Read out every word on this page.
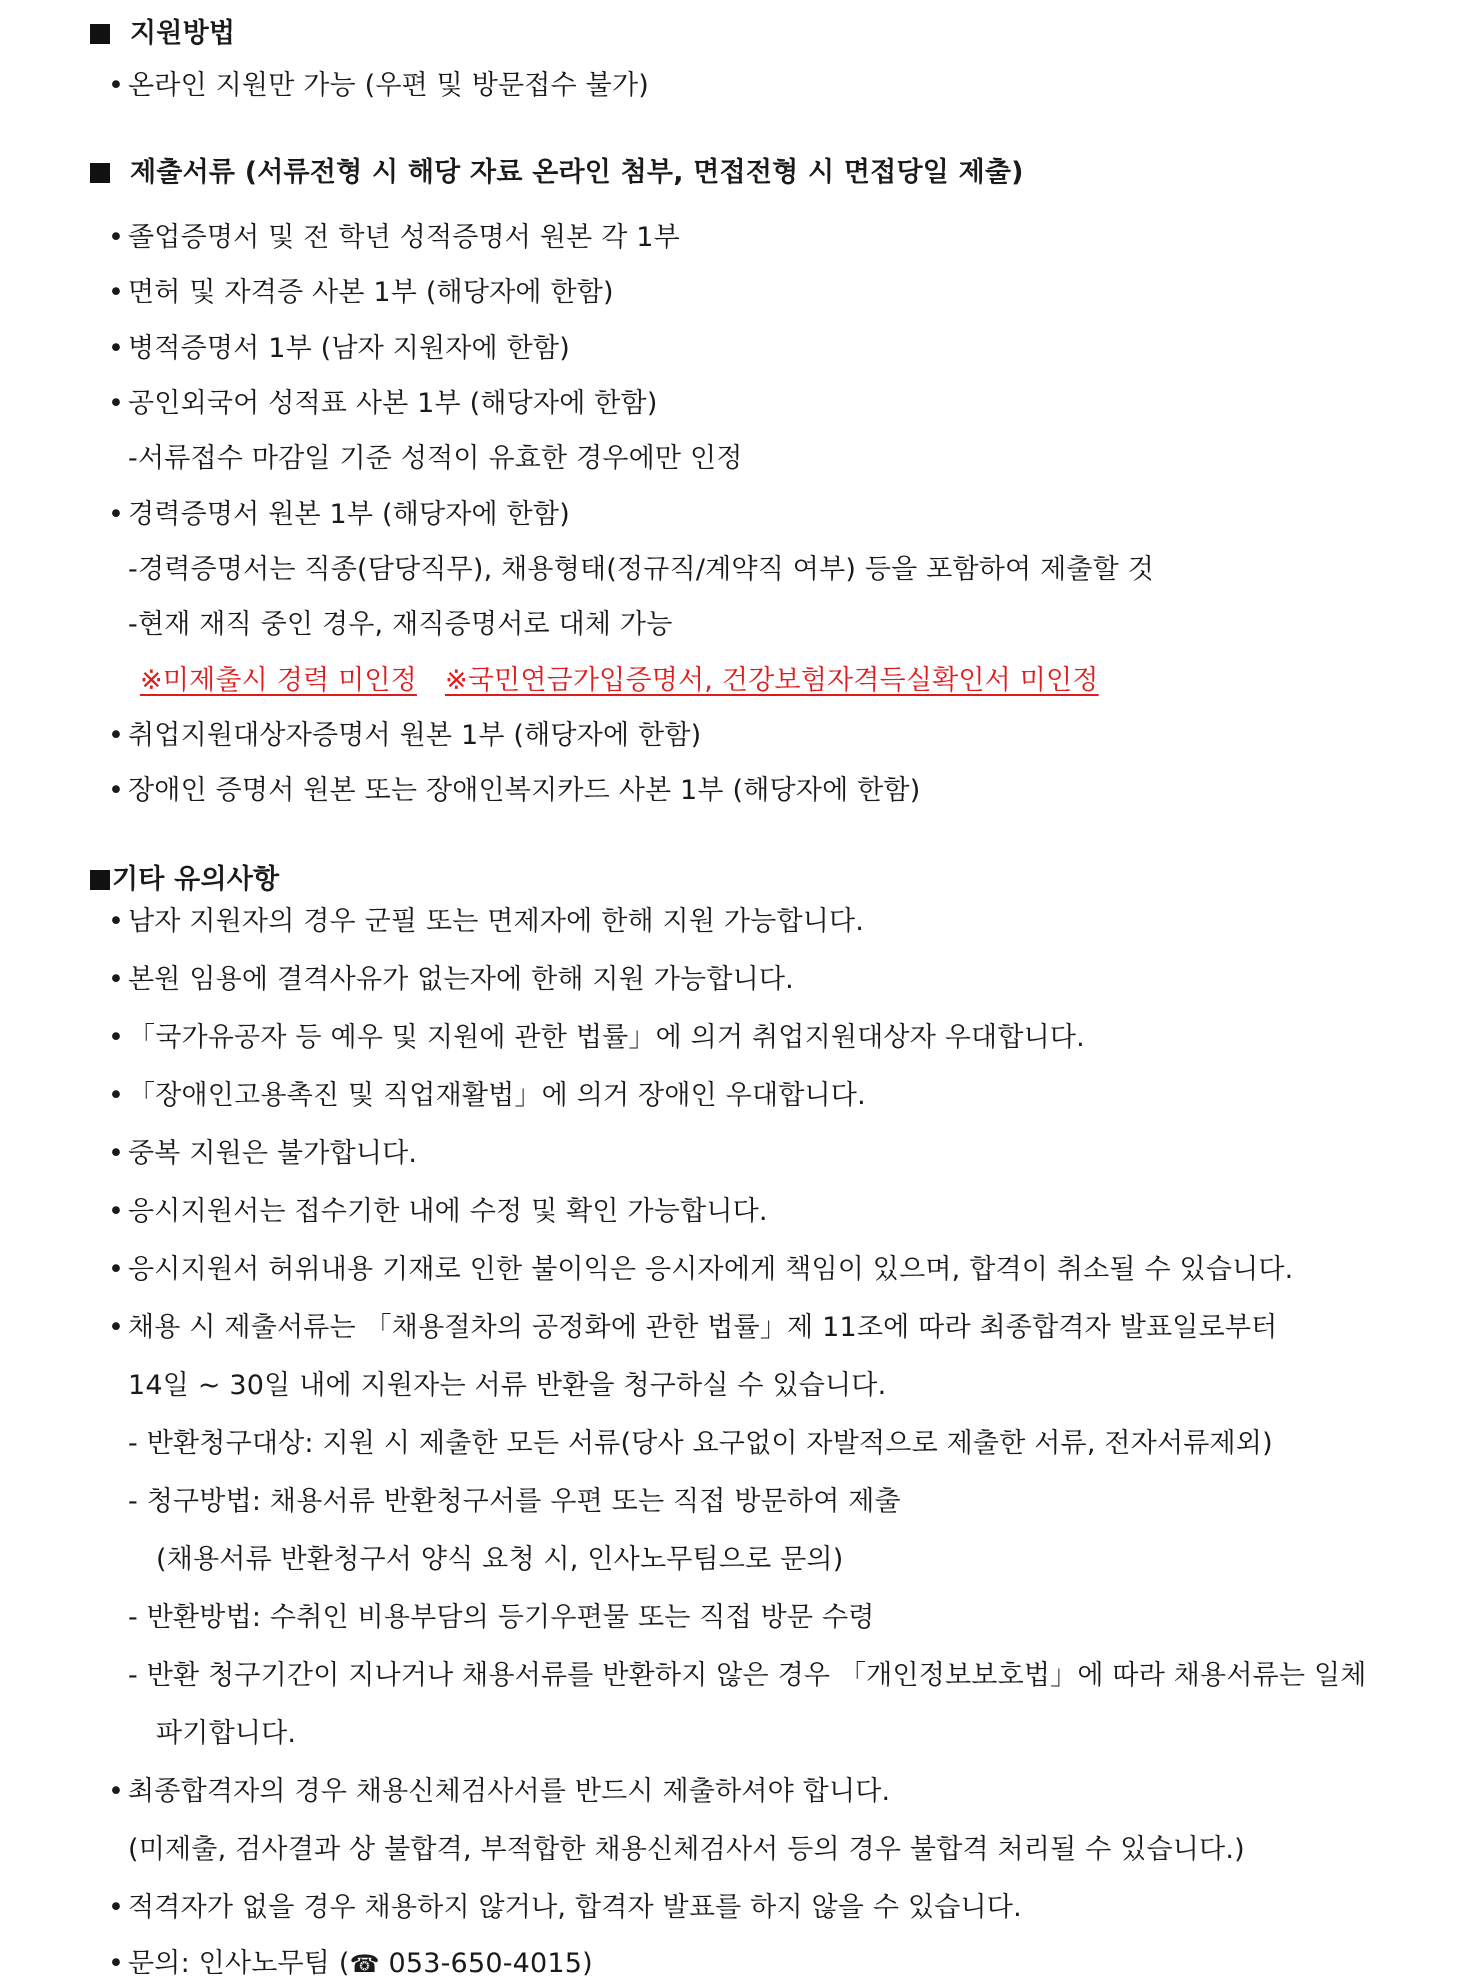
지원방법
• 온라인 지원만 가능 (우편 및 방문접수 불가)
제출서류 (서류전형 시 해당 자료 온라인 첨부, 면접전형 시 면접당일 제출)
• 졸업증명서 및 전 학년 성적증명서 원본 각 1부
• 면허 및 자격증 사본 1부 (해당자에 한함)
• 병적증명서 1부 (남자 지원자에 한함)
• 공인외국어 성적표 사본 1부 (해당자에 한함)
-서류접수 마감일 기준 성적이 유효한 경우에만 인정
• 경력증명서 원본 1부 (해당자에 한함)
-경력증명서는 직종(담당직무), 채용형태(정규직/계약직 여부) 등을 포함하여 제출할 것
-현재 재직 중인 경우, 재직증명서로 대체 가능
※미제출시 경력 미인정 ※국민연금가입증명서, 건강보험자격득실확인서 미인정
• 취업지원대상자증명서 원본 1부 (해당자에 한함)
• 장애인 증명서 원본 또는 장애인복지카드 사본 1부 (해당자에 한함)
기타 유의사항
• 남자 지원자의 경우 군필 또는 면제자에 한해 지원 가능합니다.
• 본원 임용에 결격사유가 없는자에 한해 지원 가능합니다.
• 「국가유공자 등 예우 및 지원에 관한 법률」에 의거 취업지원대상자 우대합니다.
• 「장애인고용촉진 및 직업재활법」에 의거 장애인 우대합니다.
• 중복 지원은 불가합니다.
• 응시지원서는 접수기한 내에 수정 및 확인 가능합니다.
• 응시지원서 허위내용 기재로 인한 불이익은 응시자에게 책임이 있으며, 합격이 취소될 수 있습니다.
• 채용 시 제출서류는 「채용절차의 공정화에 관한 법률」제 11조에 따라 최종합격자 발표일로부터
14일 ~ 30일 내에 지원자는 서류 반환을 청구하실 수 있습니다.
- 반환청구대상: 지원 시 제출한 모든 서류(당사 요구없이 자발적으로 제출한 서류, 전자서류제외)
- 청구방법: 채용서류 반환청구서를 우편 또는 직접 방문하여 제출
(채용서류 반환청구서 양식 요청 시, 인사노무팀으로 문의)
- 반환방법: 수취인 비용부담의 등기우편물 또는 직접 방문 수령
- 반환 청구기간이 지나거나 채용서류를 반환하지 않은 경우 「개인정보보호법」에 따라 채용서류는 일체
파기합니다.
• 최종합격자의 경우 채용신체검사서를 반드시 제출하셔야 합니다.
(미제출, 검사결과 상 불합격, 부적합한 채용신체검사서 등의 경우 불합격 처리될 수 있습니다.)
• 적격자가 없을 경우 채용하지 않거나, 합격자 발표를 하지 않을 수 있습니다.
• 문의: 인사노무팀 (☎ 053-650-4015)
